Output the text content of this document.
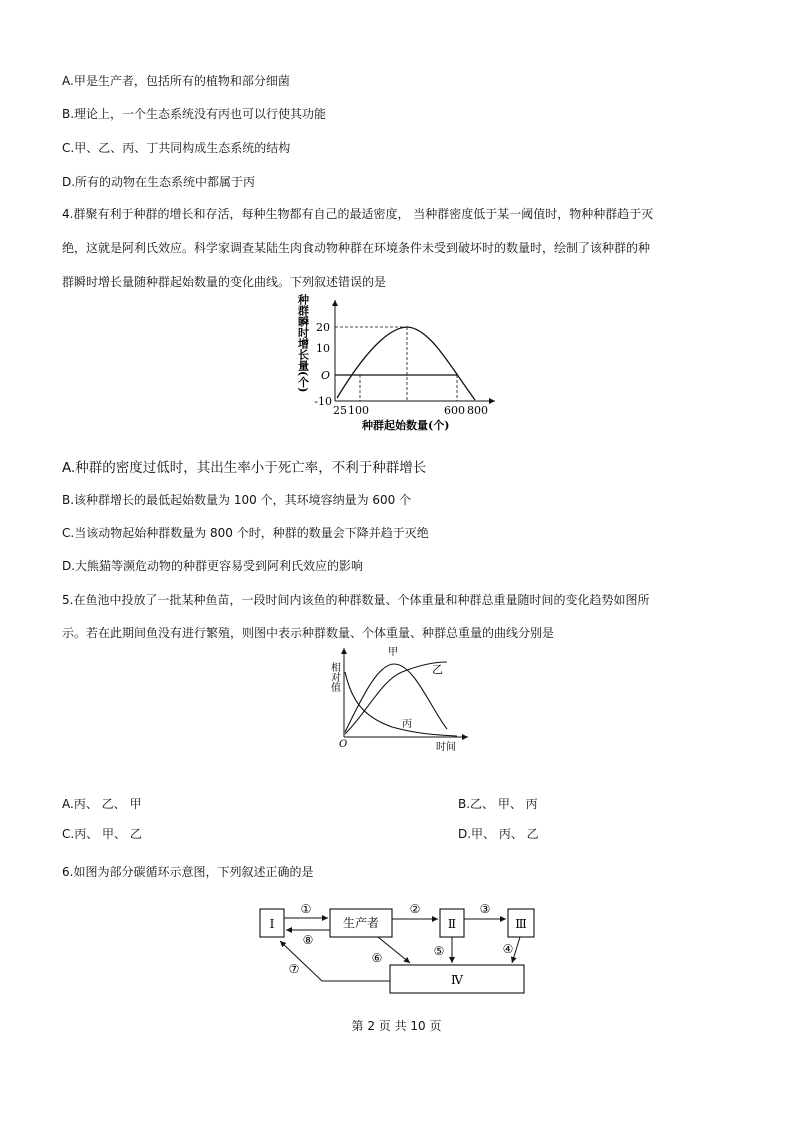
A.甲是生产者，包括所有的植物和部分细菌
B.理论上，一个生态系统没有丙也可以行使其功能
C.甲、乙、丙、丁共同构成生态系统的结构
D.所有的动物在生态系统中都属于丙
4.群聚有利于种群的增长和存活，每种生物都有自己的最适密度， 当种群密度低于某一阈值时，物种种群趋于灭
绝，这就是阿利氏效应。科学家调查某陆生肉食动物种群在环境条件未受到破坏时的数量时，绘制了该种群的种
群瞬时增长量随种群起始数量的变化曲线。下列叙述错误的是
种群瞬时增长量(个) 20
10
O
-10
25 100	600 800
种群起始数量(个)
A.种群的密度过低时，其出生率小于死亡率，不利于种群增长
B.该种群增长的最低起始数量为 100 个，其环境容纳量为 600 个
C.当该动物起始种群数量为 800 个时，种群的数量会下降并趋于灭绝
D.大熊猫等濒危动物的种群更容易受到阿利氏效应的影响
5.在鱼池中投放了一批某种鱼苗，一段时间内该鱼的种群数量、个体重量和种群总重量随时间的变化趋势如图所
示。若在此期间鱼没有进行繁殖，则图中表示种群数量、个体重量、种群总重量的曲线分别是
相对值
甲
乙
丙
O	时间
A.丙、 乙、 甲	B.乙、 甲、 丙
C.丙、 甲、 乙	D.甲、 丙、 乙
6.如图为部分碳循环示意图，下列叙述正确的是
Ⅰ	生产者	Ⅱ	Ⅲ
Ⅳ
①	②	③
④
⑤
⑥
⑦
⑧
第 2 页 共 10 页
